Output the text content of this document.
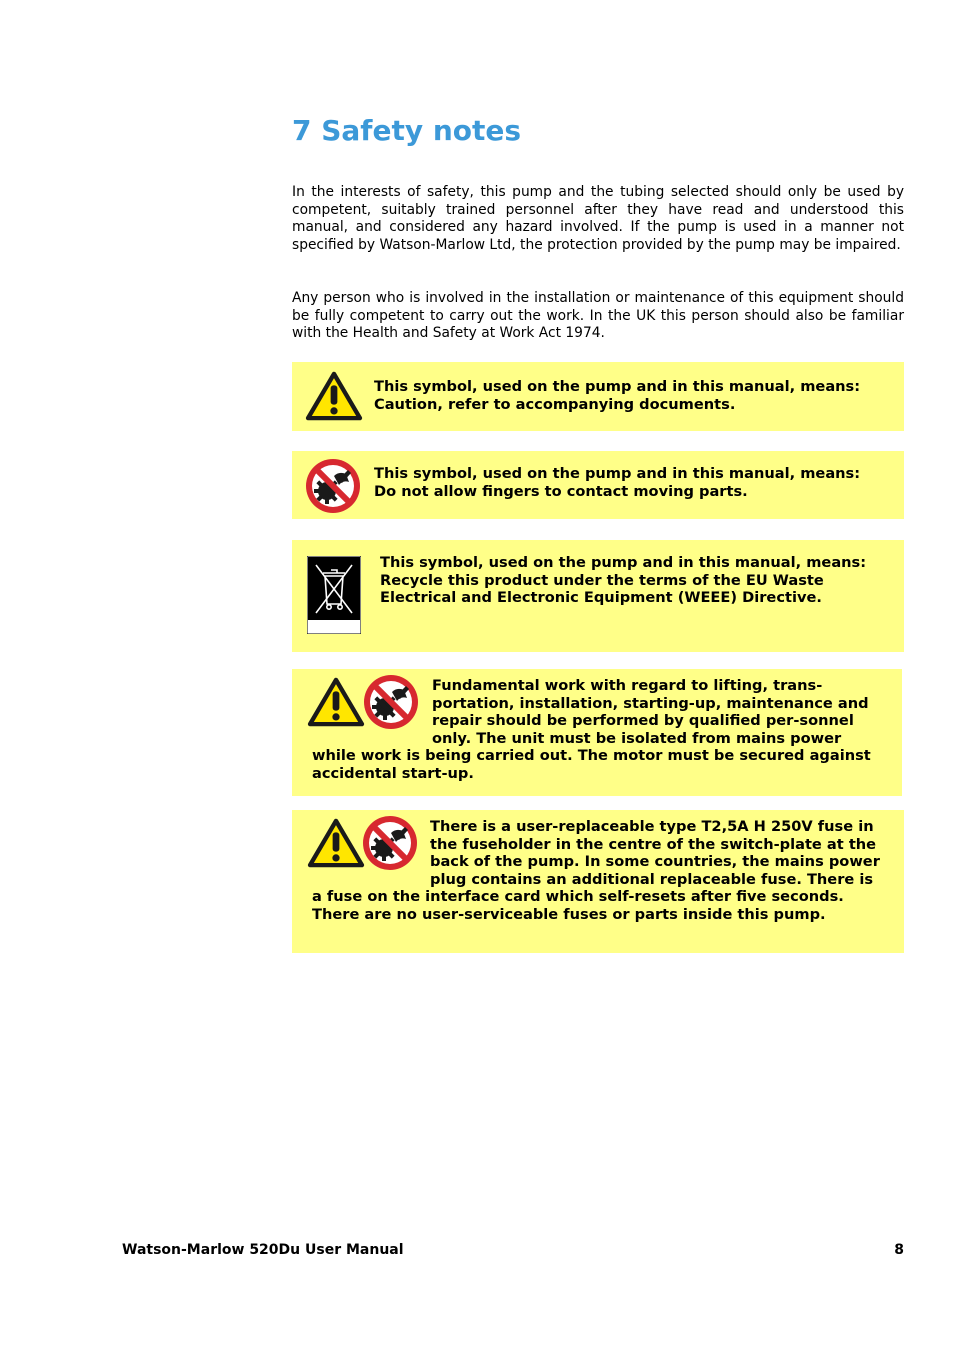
7 Safety notes

In the interests of safety, this pump and the tubing selected should only be used by competent, suitably trained personnel after they have read and understood this manual, and considered any hazard involved. If the pump is used in a manner not specified by Watson-Marlow Ltd, the protection provided by the pump may be impaired.

Any person who is involved in the installation or maintenance of this equipment should be fully competent to carry out the work. In the UK this person should also be familiar with the Health and Safety at Work Act 1974.

This symbol, used on the pump and in this manual, means: Caution, refer to accompanying documents.

This symbol, used on the pump and in this manual, means: Do not allow fingers to contact moving parts.

This symbol, used on the pump and in this manual, means: Recycle this product under the terms of the EU Waste Electrical and Electronic Equipment (WEEE) Directive.

Fundamental work with regard to lifting, trans-portation, installation, starting-up, maintenance and repair should be performed by qualified per-sonnel only. The unit must be isolated from mains power while work is being carried out. The motor must be secured against accidental start-up.

There is a user-replaceable type T2,5A H 250V fuse in the fuseholder in the centre of the switch-plate at the back of the pump. In some countries, the mains power plug contains an additional replaceable fuse. There is a fuse on the interface card which self-resets after five seconds. There are no user-serviceable fuses or parts inside this pump.

Watson-Marlow 520Du User Manual	8
